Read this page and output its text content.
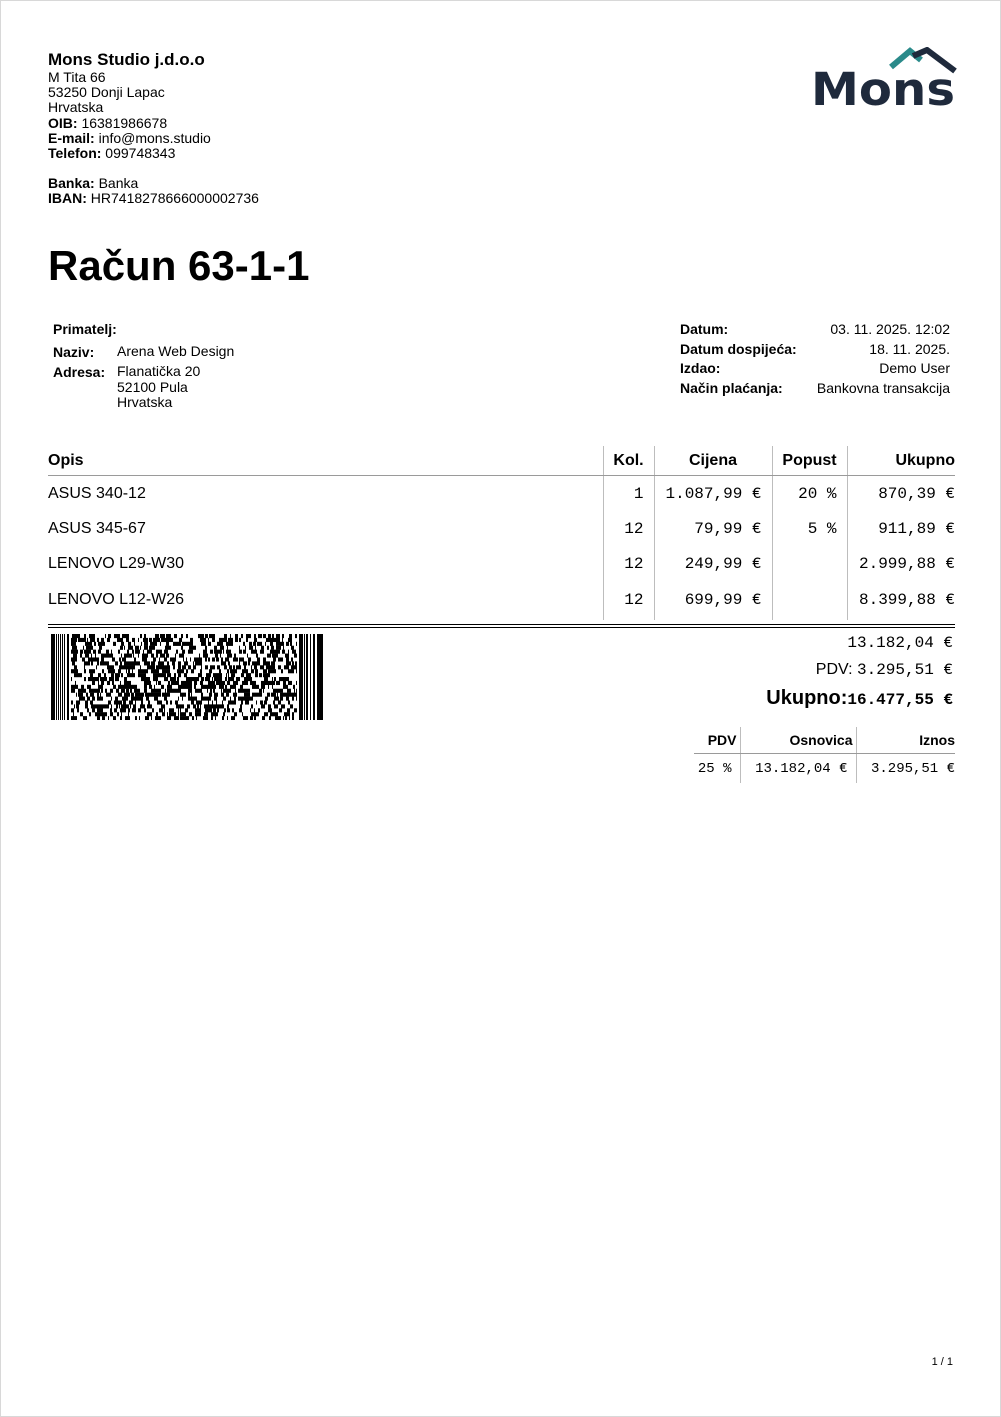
Mons Studio j.d.o.o
M Tita 66
53250 Donji Lapac
Hrvatska
OIB: 16381986678
E-mail: info@mons.studio
Telefon: 099748343
Banka: Banka
IBAN: HR7418278666000002736
Mons
Račun 63-1-1
Primatelj:
Naziv:	Arena Web Design
Adresa: Flanatička 20
52100 Pula
Hrvatska
Datum:	03. 11. 2025. 12:02
Datum dospijeća:	18. 11. 2025.
Izdao:	Demo User
Način plaćanja: Bankovna transakcija
Opis	Kol.	Cijena	Popust	Ukupno
ASUS 340-12	1	1.087,99 €	20 %	870,39 €
ASUS 345-67	12	79,99 €	5 %	911,89 €
LENOVO L29-W30	12	249,99 €		2.999,88 €
LENOVO L12-W26	12	699,99 €		8.399,88 €
13.182,04 €
PDV: 3.295,51 €
Ukupno:16.477,55 €
PDV	Osnovica	Iznos
25 %	13.182,04 €	3.295,51 €
1 / 1
